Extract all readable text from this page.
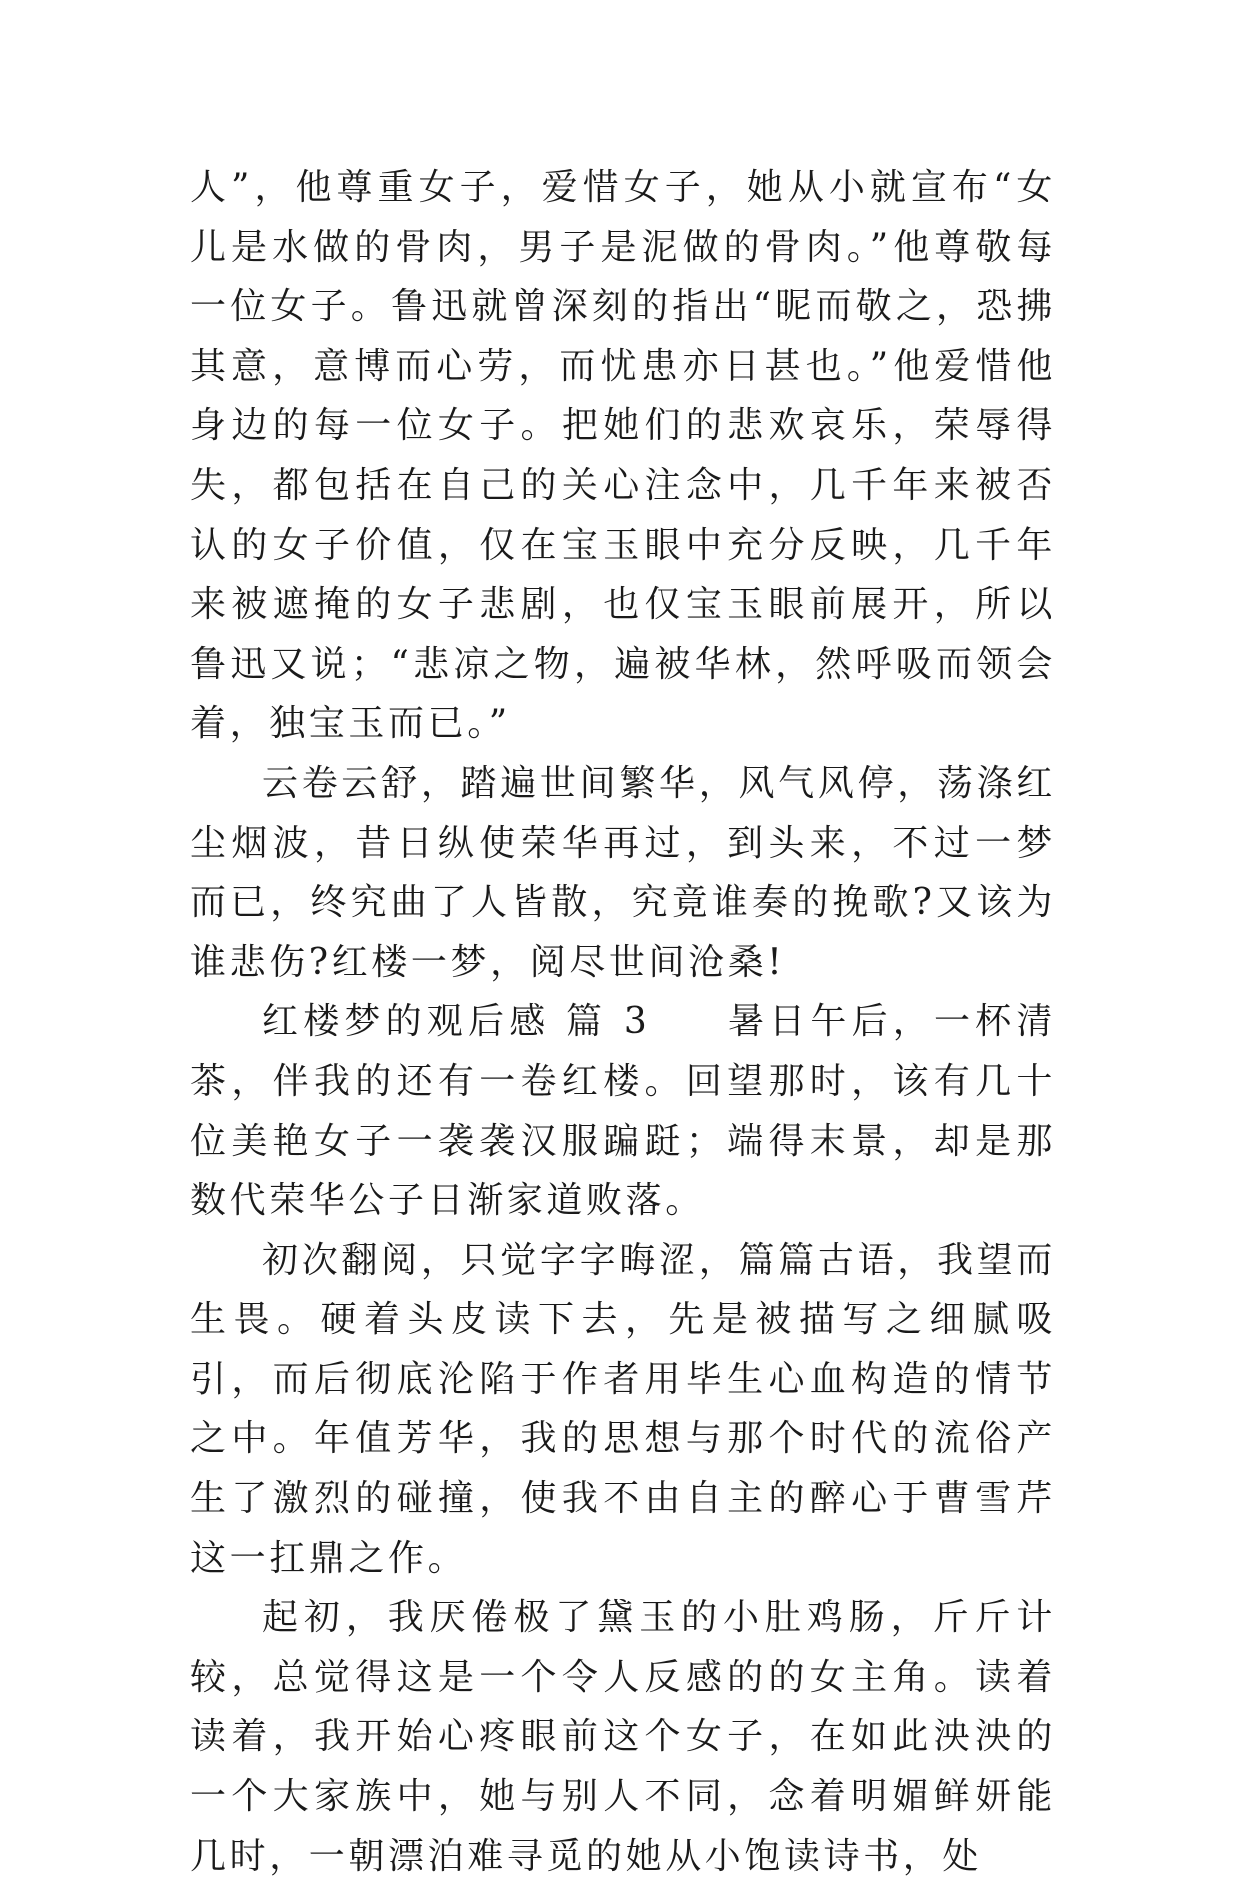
人”，他尊重女子，爱惜女子，她从小就宣布“女儿是水做的骨肉，男子是泥做的骨肉。”他尊敬每一位女子。鲁迅就曾深刻的指出“昵而敬之，恐拂其意，意博而心劳，而忧患亦日甚也。”他爱惜他身边的每一位女子。把她们的悲欢哀乐，荣辱得失，都包括在自己的关心注念中，几千年来被否认的女子价值，仅在宝玉眼中充分反映，几千年来被遮掩的女子悲剧，也仅宝玉眼前展开，所以鲁迅又说；“悲凉之物，遍被华林，然呼吸而领会着，独宝玉而已。”

云卷云舒，踏遍世间繁华，风气风停，荡涤红尘烟波，昔日纵使荣华再过，到头来，不过一梦而已，终究曲了人皆散，究竟谁奏的挽歌?又该为谁悲伤?红楼一梦，阅尽世间沧桑!

红楼梦的观后感 篇 3 暑日午后，一杯清茶，伴我的还有一卷红楼。回望那时，该有几十位美艳女子一袭袭汉服蹁跹；端得末景，却是那数代荣华公子日渐家道败落。

初次翻阅，只觉字字晦涩，篇篇古语，我望而生畏。硬着头皮读下去，先是被描写之细腻吸引，而后彻底沦陷于作者用毕生心血构造的情节之中。年值芳华，我的思想与那个时代的流俗产生了激烈的碰撞，使我不由自主的醉心于曹雪芹这一扛鼎之作。

起初，我厌倦极了黛玉的小肚鸡肠，斤斤计较，总觉得这是一个令人反感的的女主角。读着读着，我开始心疼眼前这个女子，在如此泱泱的一个大家族中，她与别人不同，念着明媚鲜妍能几时，一朝漂泊难寻觅的她从小饱读诗书，处
